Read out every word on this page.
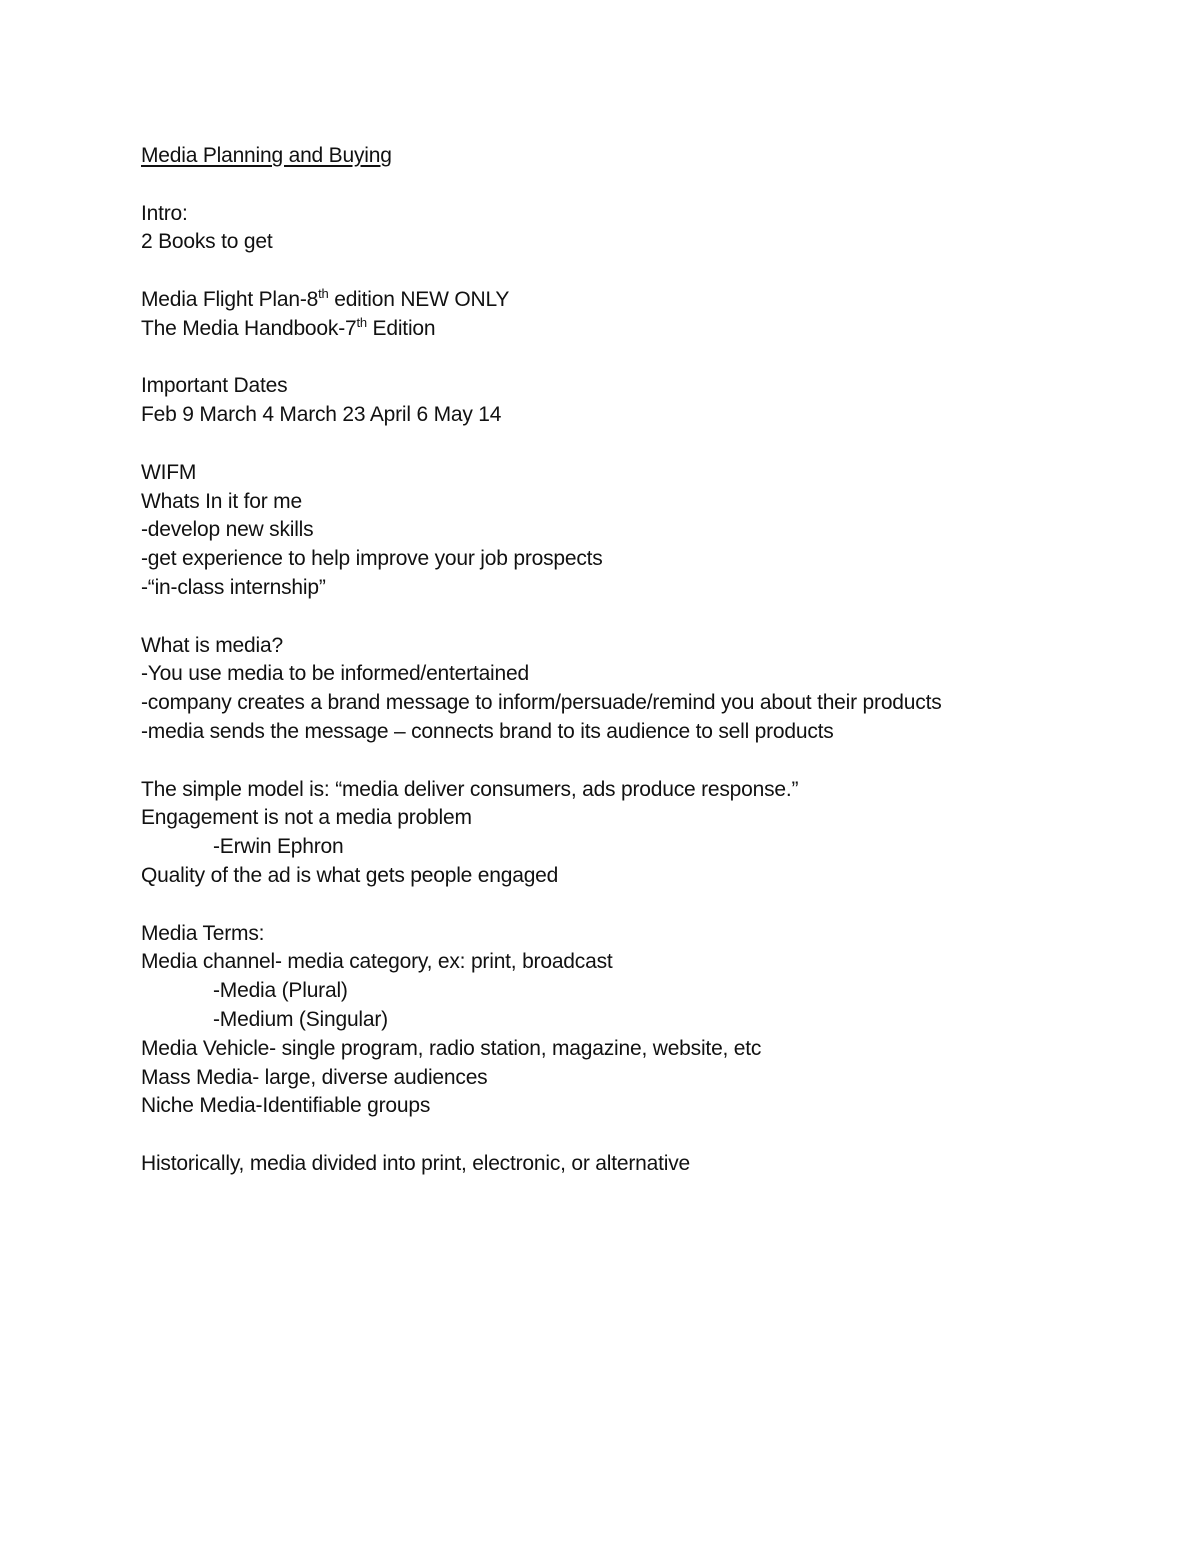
Media Planning and Buying
Intro:
2 Books to get
Media Flight Plan-8th edition NEW ONLY
The Media Handbook-7th Edition
Important Dates
Feb 9 March 4 March 23 April 6 May 14
WIFM
Whats In it for me
-develop new skills
-get experience to help improve your job prospects
-“in-class internship”
What is media?
-You use media to be informed/entertained
-company creates a brand message to inform/persuade/remind you about their products
-media sends the message – connects brand to its audience to sell products
The simple model is: “media deliver consumers, ads produce response.”
Engagement is not a media problem
-Erwin Ephron
Quality of the ad is what gets people engaged
Media Terms:
Media channel- media category, ex: print, broadcast
-Media (Plural)
-Medium (Singular)
Media Vehicle- single program, radio station, magazine, website, etc
Mass Media- large, diverse audiences
Niche Media-Identifiable groups
Historically, media divided into print, electronic, or alternative
